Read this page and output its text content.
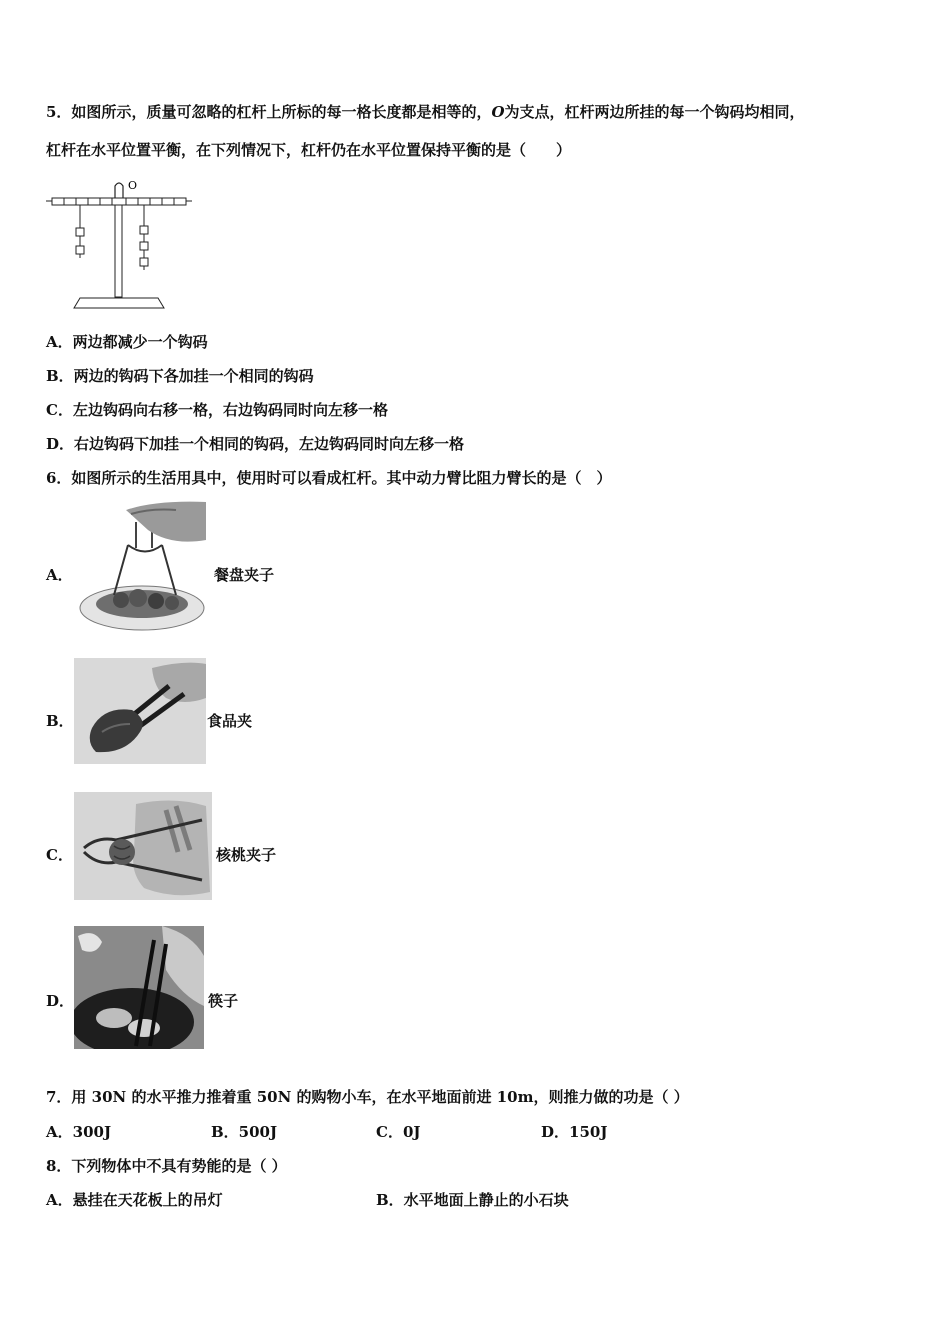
5．如图所示，质量可忽略的杠杆上所标的每一格长度都是相等的，O为支点，杠杆两边所挂的每一个钩码均相同，
杠杆在水平位置平衡，在下列情况下，杠杆仍在水平位置保持平衡的是（　　）
O
A．两边都减少一个钩码
B．两边的钩码下各加挂一个相同的钩码
C．左边钩码向右移一格，右边钩码同时向左移一格
D．右边钩码下加挂一个相同的钩码，左边钩码同时向左移一格
6．如图所示的生活用具中，使用时可以看成杠杆。其中动力臂比阻力臂长的是（　）
A．	餐盘夹子
B．	食品夹
C．	核桃夹子
D．	筷子
7．用 30N 的水平推力推着重 50N 的购物小车，在水平地面前进 10m，则推力做的功是（ ）
A．300J	B．500J	C．0J	D．150J
8．下列物体中不具有势能的是（ ）
A．悬挂在天花板上的吊灯	B．水平地面上静止的小石块
